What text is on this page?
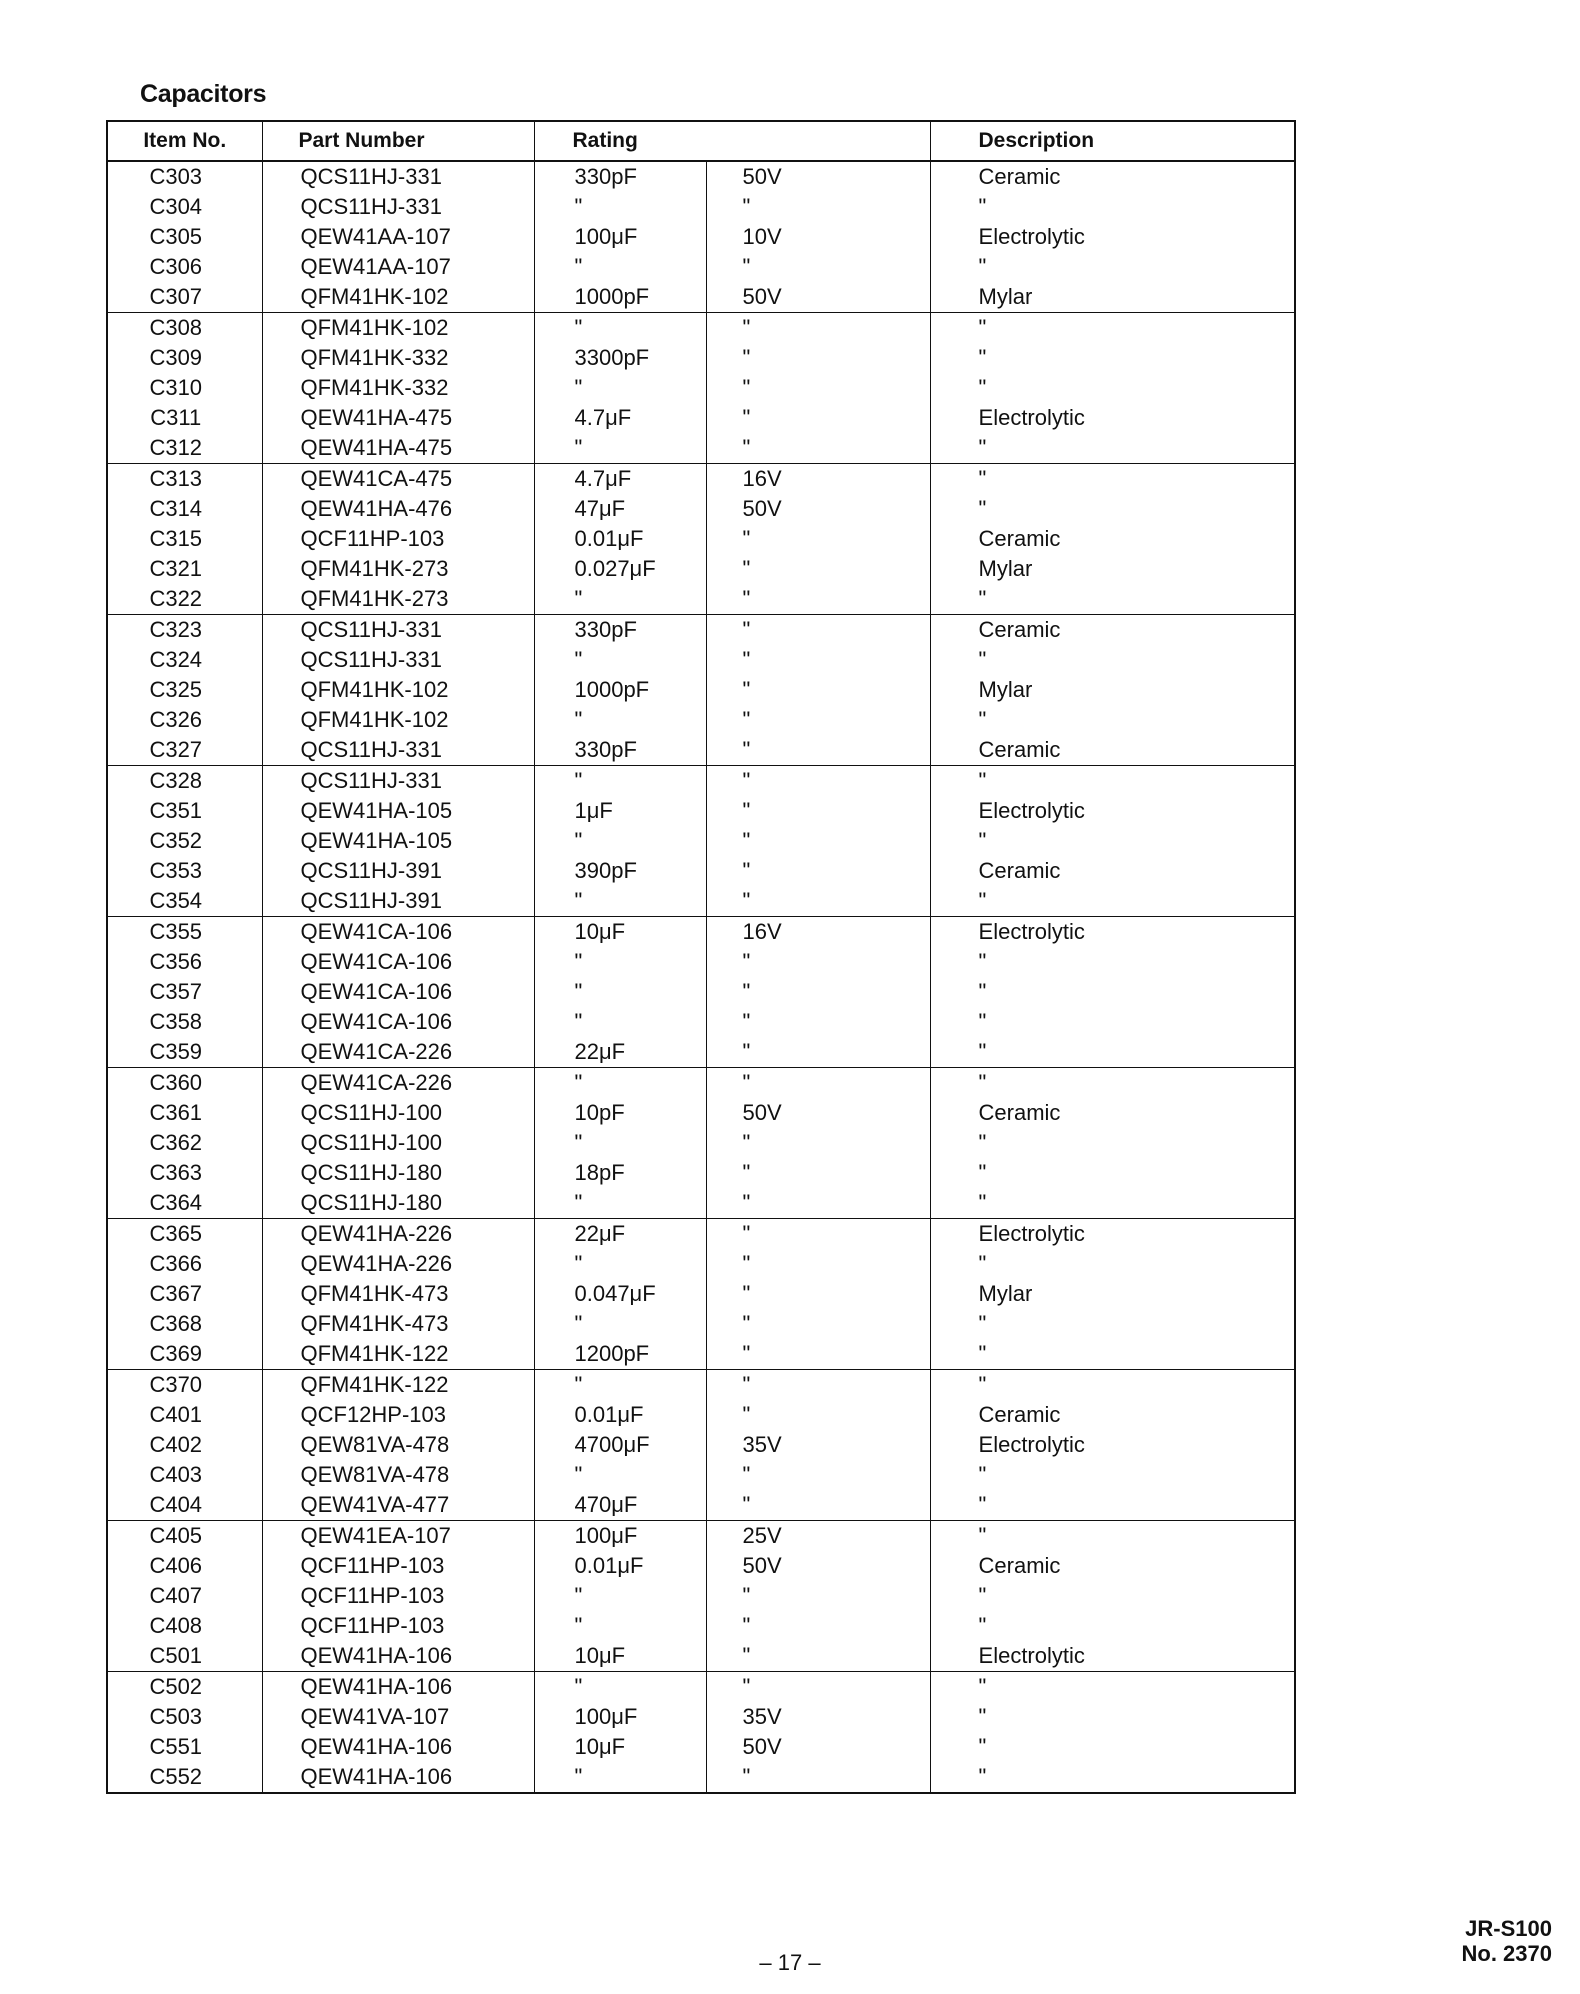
Capacitors
Item No.	Part Number	Rating		Description
C303	QCS11HJ-331	330pF	50V	Ceramic
C304	QCS11HJ-331	"	"	"
C305	QEW41AA-107	100μF	10V	Electrolytic
C306	QEW41AA-107	"	"	"
C307	QFM41HK-102	1000pF	50V	Mylar
C308	QFM41HK-102	"	"	"
C309	QFM41HK-332	3300pF	"	"
C310	QFM41HK-332	"	"	"
C311	QEW41HA-475	4.7μF	"	Electrolytic
C312	QEW41HA-475	"	"	"
C313	QEW41CA-475	4.7μF	16V	"
C314	QEW41HA-476	47μF	50V	"
C315	QCF11HP-103	0.01μF	"	Ceramic
C321	QFM41HK-273	0.027μF	"	Mylar
C322	QFM41HK-273	"	"	"
C323	QCS11HJ-331	330pF	"	Ceramic
C324	QCS11HJ-331	"	"	"
C325	QFM41HK-102	1000pF	"	Mylar
C326	QFM41HK-102	"	"	"
C327	QCS11HJ-331	330pF	"	Ceramic
C328	QCS11HJ-331	"	"	"
C351	QEW41HA-105	1μF	"	Electrolytic
C352	QEW41HA-105	"	"	"
C353	QCS11HJ-391	390pF	"	Ceramic
C354	QCS11HJ-391	"	"	"
C355	QEW41CA-106	10μF	16V	Electrolytic
C356	QEW41CA-106	"	"	"
C357	QEW41CA-106	"	"	"
C358	QEW41CA-106	"	"	"
C359	QEW41CA-226	22μF	"	"
C360	QEW41CA-226	"	"	"
C361	QCS11HJ-100	10pF	50V	Ceramic
C362	QCS11HJ-100	"	"	"
C363	QCS11HJ-180	18pF	"	"
C364	QCS11HJ-180	"	"	"
C365	QEW41HA-226	22μF	"	Electrolytic
C366	QEW41HA-226	"	"	"
C367	QFM41HK-473	0.047μF	"	Mylar
C368	QFM41HK-473	"	"	"
C369	QFM41HK-122	1200pF	"	"
C370	QFM41HK-122	"	"	"
C401	QCF12HP-103	0.01μF	"	Ceramic
C402	QEW81VA-478	4700μF	35V	Electrolytic
C403	QEW81VA-478	"	"	"
C404	QEW41VA-477	470μF	"	"
C405	QEW41EA-107	100μF	25V	"
C406	QCF11HP-103	0.01μF	50V	Ceramic
C407	QCF11HP-103	"	"	"
C408	QCF11HP-103	"	"	"
C501	QEW41HA-106	10μF	"	Electrolytic
C502	QEW41HA-106	"	"	"
C503	QEW41VA-107	100μF	35V	"
C551	QEW41HA-106	10μF	50V	"
C552	QEW41HA-106	"	"	"
– 17 –
JR-S100
No. 2370
